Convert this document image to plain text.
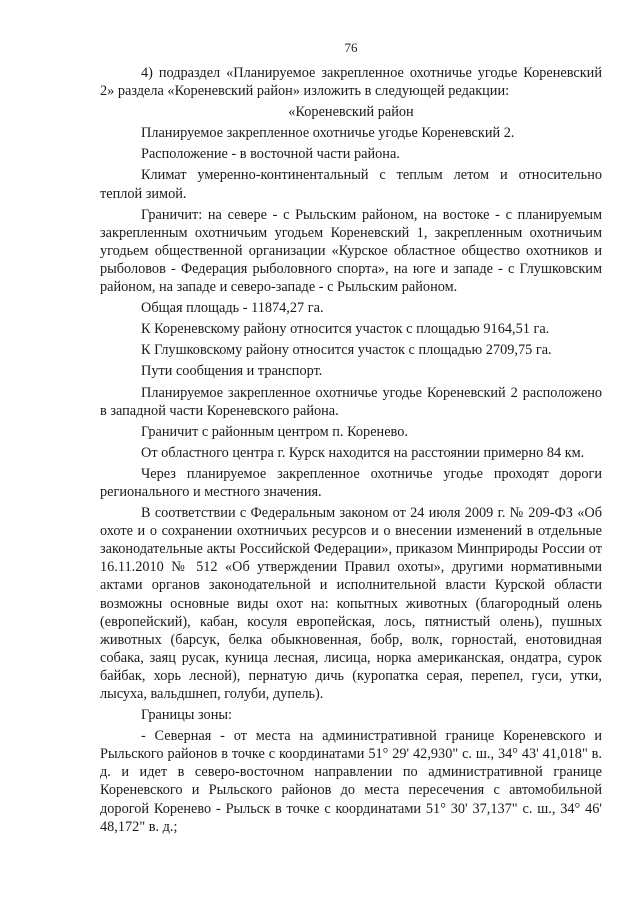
76

4) подраздел «Планируемое закрепленное охотничье угодье Кореневский 2» раздела «Кореневский район» изложить в следующей редакции:

«Кореневский район

Планируемое закрепленное охотничье угодье Кореневский 2.

Расположение - в восточной части района.

Климат умеренно-континентальный с теплым летом и относительно теплой зимой.

Граничит: на севере - с Рыльским районом, на востоке - с планируемым закрепленным охотничьим угодьем Кореневский 1, закрепленным охотничьим угодьем общественной организации «Курское областное общество охотников и рыболовов - Федерация рыболовного спорта», на юге и западе - с Глушковским районом, на западе и северо-западе - с Рыльским районом.

Общая площадь - 11874,27 га.

К Кореневскому району относится участок с площадью 9164,51 га.

К Глушковскому району относится участок с площадью 2709,75 га.

Пути сообщения и транспорт.

Планируемое закрепленное охотничье угодье Кореневский 2 расположено в западной части Кореневского района.

Граничит с районным центром п. Коренево.

От областного центра г. Курск находится на расстоянии примерно 84 км.

Через планируемое закрепленное охотничье угодье проходят дороги регионального и местного значения.

В соответствии с Федеральным законом от 24 июля 2009 г. № 209-ФЗ «Об охоте и о сохранении охотничьих ресурсов и о внесении изменений в отдельные законодательные акты Российской Федерации», приказом Минприроды России от 16.11.2010 № 512 «Об утверждении Правил охоты», другими нормативными актами органов законодательной и исполнительной власти Курской области возможны основные виды охот на: копытных животных (благородный олень (европейский), кабан, косуля европейская, лось, пятнистый олень), пушных животных (барсук, белка обыкновенная, бобр, волк, горностай, енотовидная собака, заяц русак, куница лесная, лисица, норка американская, ондатра, сурок байбак, хорь лесной), пернатую дичь (куропатка серая, перепел, гуси, утки, лысуха, вальдшнеп, голуби, дупель).

Границы зоны:

- Северная - от места на административной границе Кореневского и Рыльского районов в точке с координатами 51° 29' 42,930" с. ш., 34° 43' 41,018" в. д. и идет в северо-восточном направлении по административной границе Кореневского и Рыльского районов до места пересечения с автомобильной дорогой Коренево - Рыльск в точке с координатами 51° 30' 37,137" с. ш., 34° 46' 48,172" в. д.;
